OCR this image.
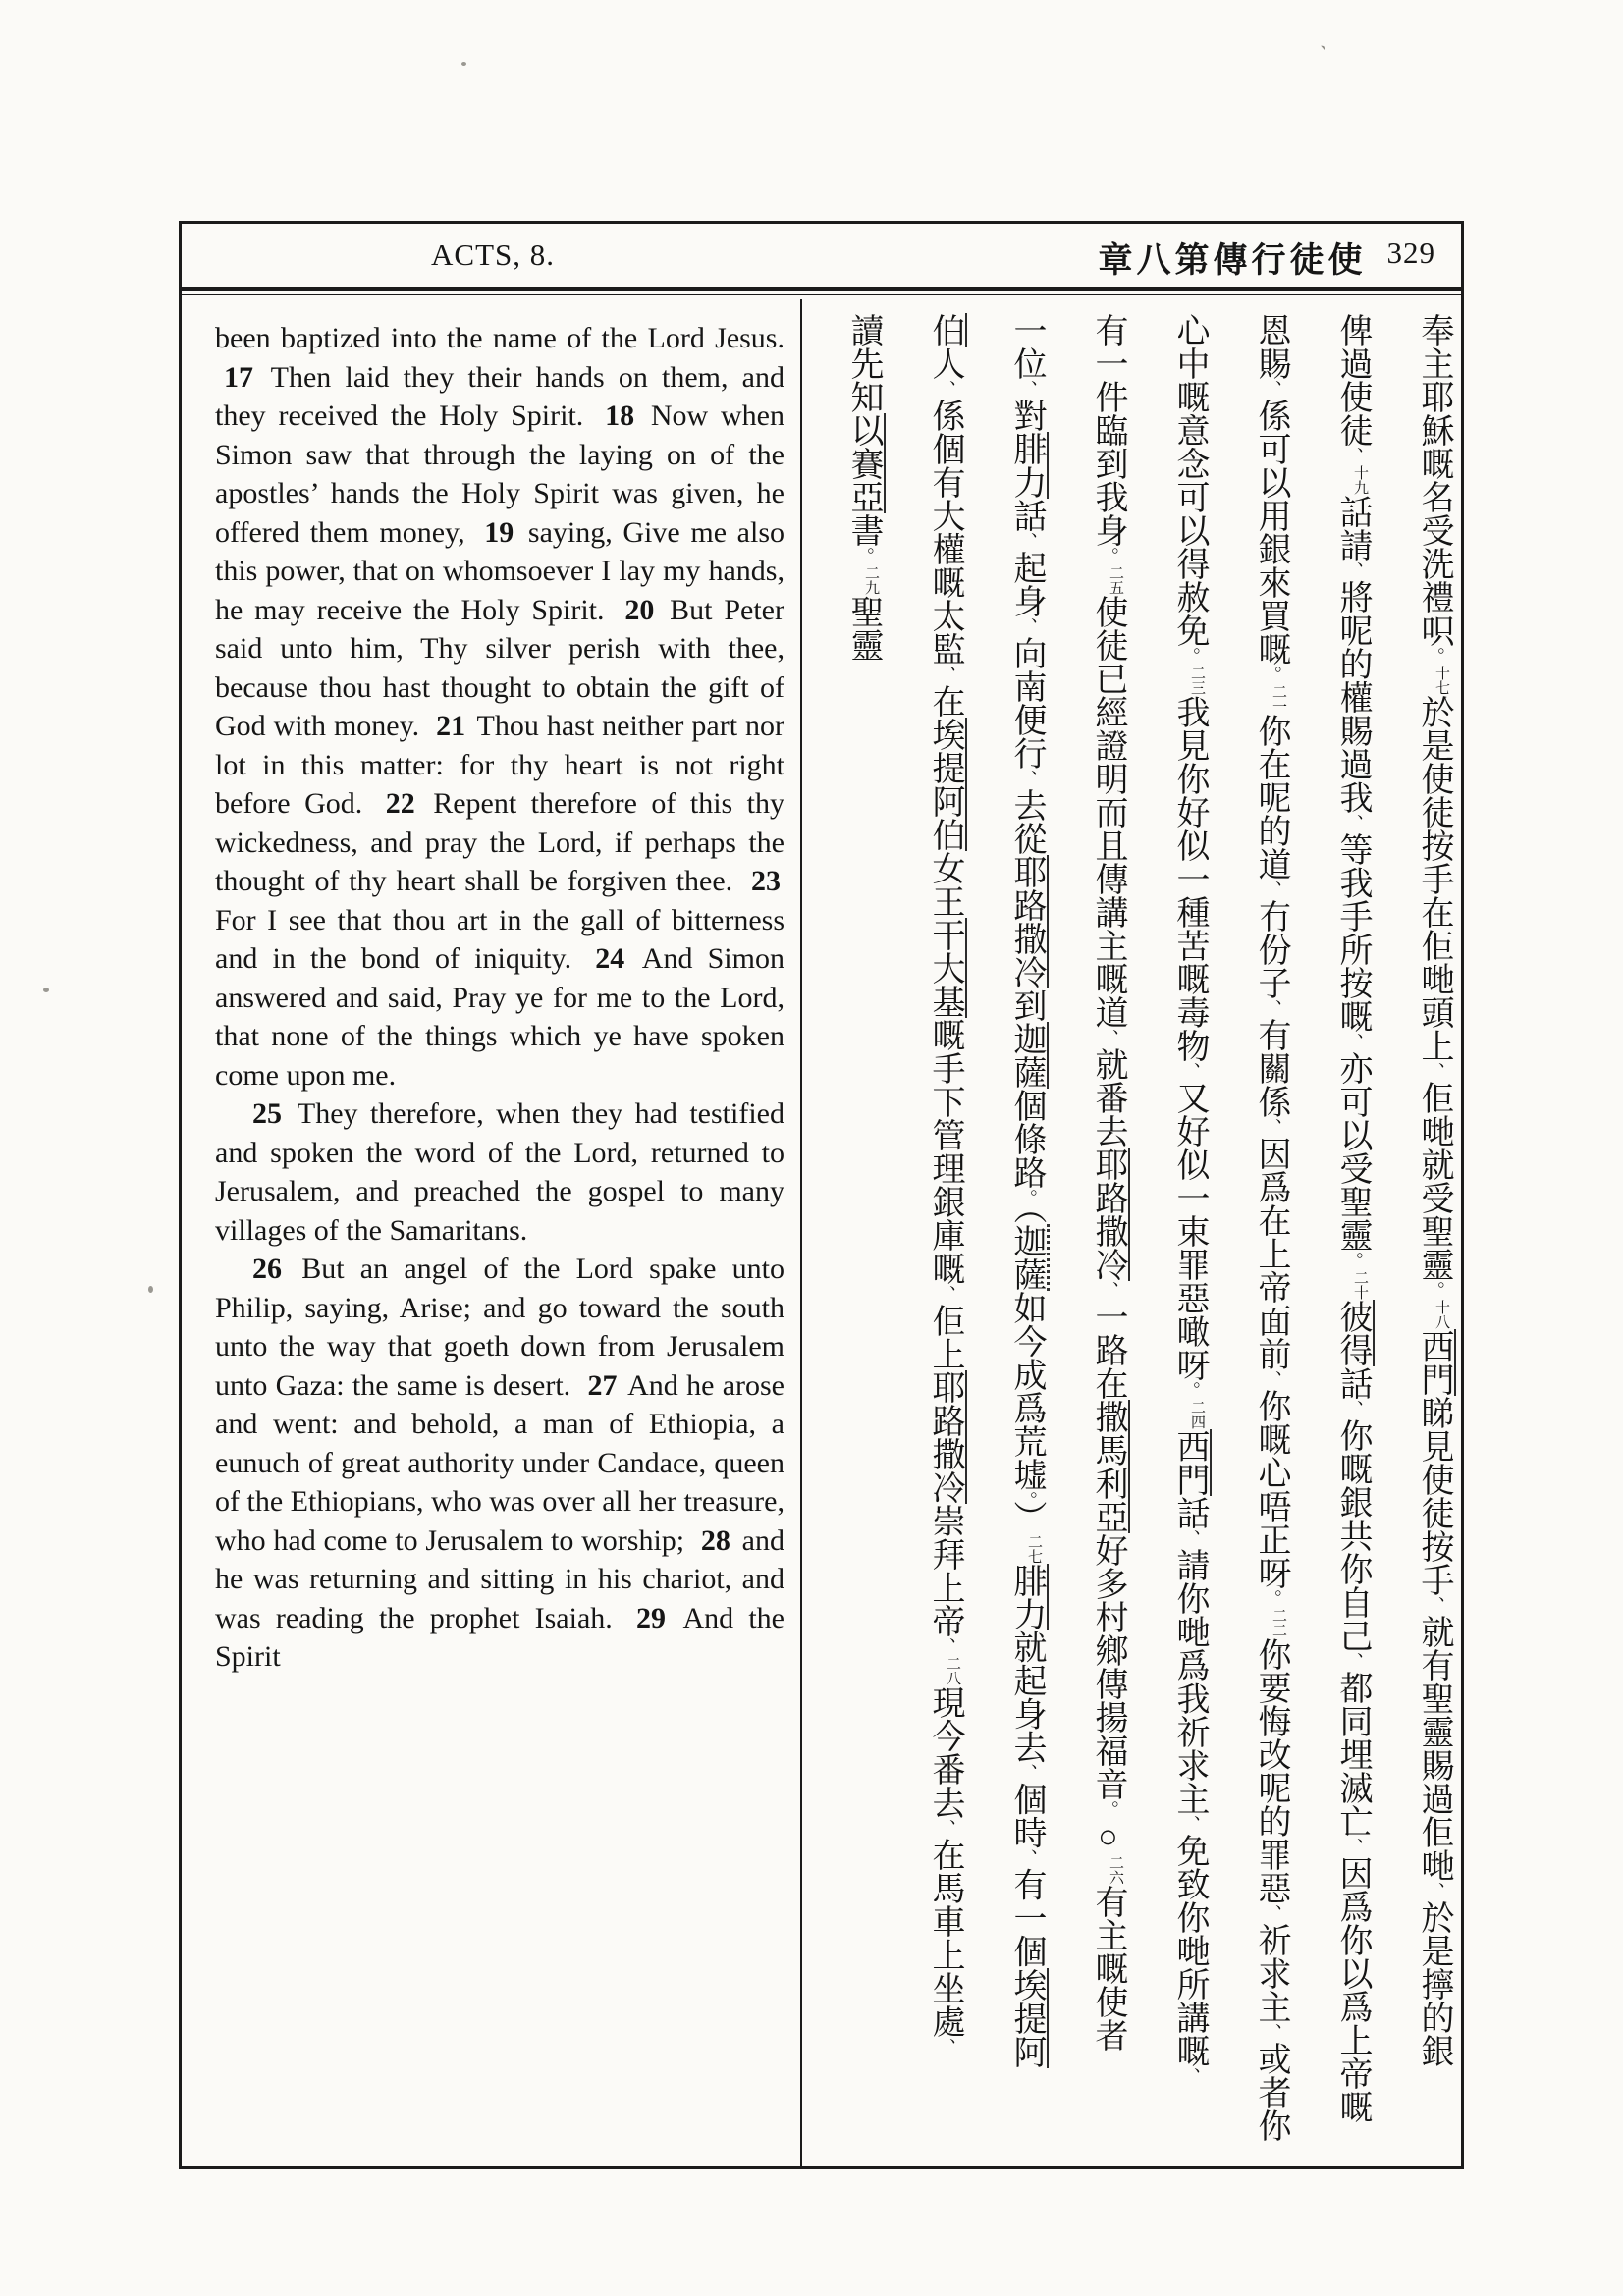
ACTS, 8.	章八第傳行徒使 329

been baptized into the name of the Lord Jesus. 17 Then laid they their hands on them, and they received the Holy Spirit. 18 Now when Simon saw that through the laying on of the apostles’ hands the Holy Spirit was given, he offered them money, 19 saying, Give me also this power, that on whomsoever I lay my hands, he may receive the Holy Spirit. 20 But Peter said unto him, Thy silver perish with thee, because thou hast thought to obtain the gift of God with money. 21 Thou hast neither part nor lot in this matter: for thy heart is not right before God. 22 Repent therefore of this thy wickedness, and pray the Lord, if perhaps the thought of thy heart shall be forgiven thee. 23 For I see that thou art in the gall of bitterness and in the bond of iniquity. 24 And Simon answered and said, Pray ye for me to the Lord, that none of the things which ye have spoken come upon me.

25 They therefore, when they had testified and spoken the word of the Lord, returned to Jerusalem, and preached the gospel to many villages of the Samaritans.

26 But an angel of the Lord spake unto Philip, saying, Arise; and go toward the south unto the way that goeth down from Jerusalem unto Gaza: the same is desert. 27 And he arose and went: and behold, a man of Ethiopia, a eunuch of great authority under Candace, queen of the Ethiopians, who was over all her treasure, who had come to Jerusalem to worship; 28 and he was returning and sitting in his chariot, and was reading the prophet Isaiah. 29 And the Spirit

奉主耶穌嘅名受洗禮呮。十七於是使徒按手在佢哋頭上、佢哋就受聖靈。十八西門睇見使徒按手、就有聖靈賜過佢哋、於是擰的銀
俾過使徒、十九話請、將呢的權賜過我、等我手所按嘅、亦可以受聖靈。二十彼得話、你嘅銀共你自己、都同埋滅亡、因爲你以爲上帝嘅
恩賜、係可以用銀來買嘅。二一你在呢的道、冇份子、有關係、因爲在上帝面前、你嘅心唔正呀。二二你要悔改呢的罪惡、祈求主、或者你
心中嘅意念可以得赦免。二三我見你好似一種苦嘅毒物、又好似一束罪惡噉呀。二四西門話、請你哋爲我祈求主、免致你哋所講嘅、
有一件臨到我身。二五使徒已經證明而且傳講主嘅道、就番去耶路撒冷、一路在撒馬利亞好多村鄉傳揚福音。○二六有主嘅使者
一位、對腓力話、起身、向南便行、去從耶路撒冷到迦薩個條路。（迦薩如今成爲荒墟。）二七腓力就起身去、個時、有一個埃提阿
伯人、係個有大權嘅太監、在埃提阿伯女王干大基嘅手下管理銀庫嘅、佢上耶路撒冷崇拜上帝、二八現今番去、在馬車上坐處、
讀先知以賽亞書。二九聖靈
`
